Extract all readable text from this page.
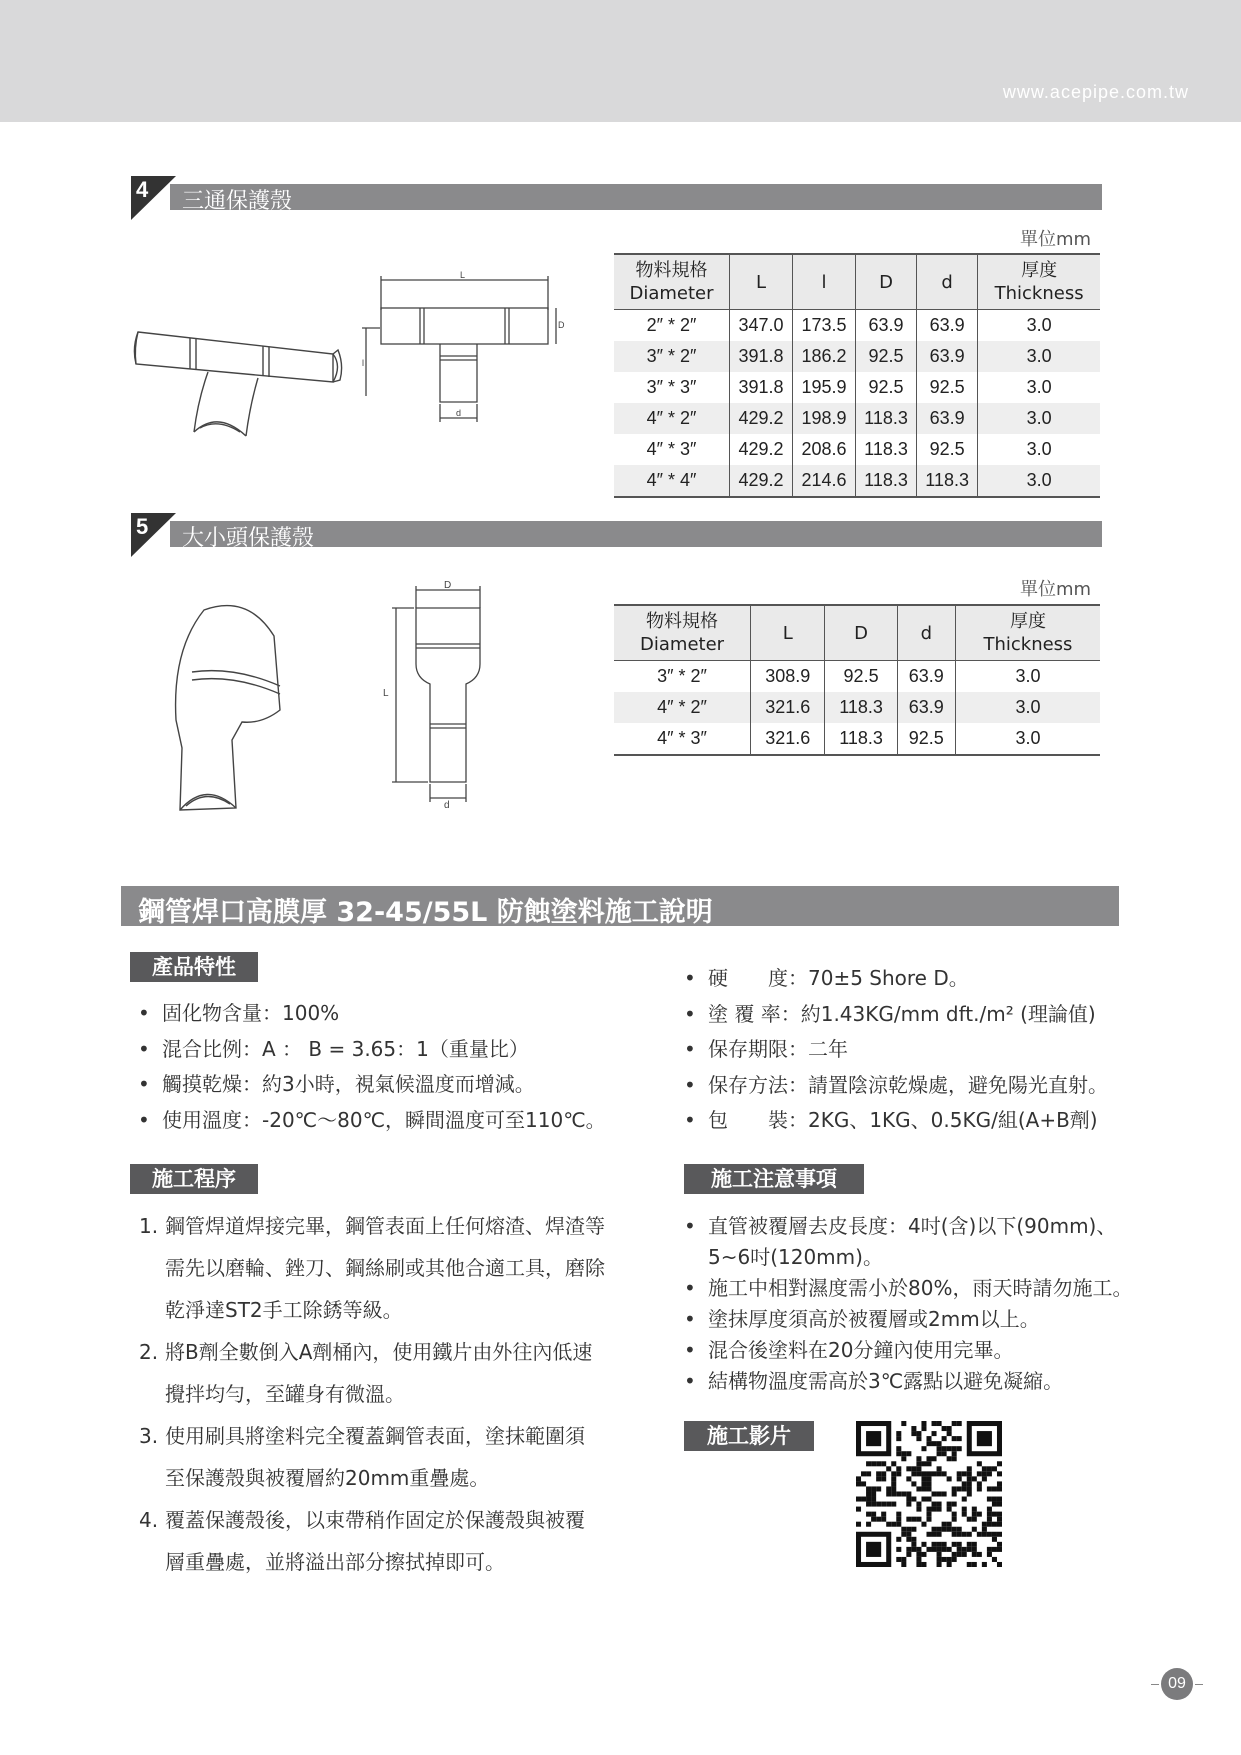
www.acepipe.com.tw
4 三通保護殼
L
l
D
d
單位mm
物料規格
Diameter	L	l	D	d	厚度
Thickness
2″ * 2″	347.0	173.5	63.9	63.9	3.0
3″ * 2″	391.8	186.2	92.5	63.9	3.0
3″ * 3″	391.8	195.9	92.5	92.5	3.0
4″ * 2″	429.2	198.9	118.3	63.9	3.0
4″ * 3″	429.2	208.6	118.3	92.5	3.0
4″ * 4″	429.2	214.6	118.3	118.3	3.0
5 大小頭保護殼
D
L
d
單位mm
物料規格
Diameter	L	D	d	厚度
Thickness
3″ * 2″	308.9	92.5	63.9	3.0
4″ * 2″	321.6	118.3	63.9	3.0
4″ * 3″	321.6	118.3	92.5	3.0
鋼管焊口高膜厚 32-45/55L 防蝕塗料施工說明
產品特性
• 固化物含量：100%
• 混合比例：A ： B = 3.65：1（重量比）
• 觸摸乾燥：約3小時，視氣候溫度而增減。
• 使用溫度：-20℃～80℃，瞬間溫度可至110℃。
• 硬　　度：70±5 Shore D。
• 塗 覆 率：約1.43KG/mm dft./m² (理論值)
• 保存期限：二年
• 保存方法：請置陰涼乾燥處，避免陽光直射。
• 包　　裝：2KG、1KG、0.5KG/組(A+B劑)
施工程序
1. 鋼管焊道焊接完畢，鋼管表面上任何熔渣、焊渣等
需先以磨輪、銼刀、鋼絲刷或其他合適工具，磨除
乾淨達ST2手工除銹等級。
2. 將B劑全數倒入A劑桶內，使用鐵片由外往內低速
攪拌均勻，至罐身有微溫。
3. 使用刷具將塗料完全覆蓋鋼管表面，塗抹範圍須
至保護殼與被覆層約20mm重疊處。
4. 覆蓋保護殼後，以束帶稍作固定於保護殼與被覆
層重疊處，並將溢出部分擦拭掉即可。
施工注意事項
• 直管被覆層去皮長度：4吋(含)以下(90mm)、
5~6吋(120mm)。
• 施工中相對濕度需小於80%，雨天時請勿施工。
• 塗抹厚度須高於被覆層或2mm以上。
• 混合後塗料在20分鐘內使用完畢。
• 結構物溫度需高於3℃露點以避免凝縮。
施工影片
09
